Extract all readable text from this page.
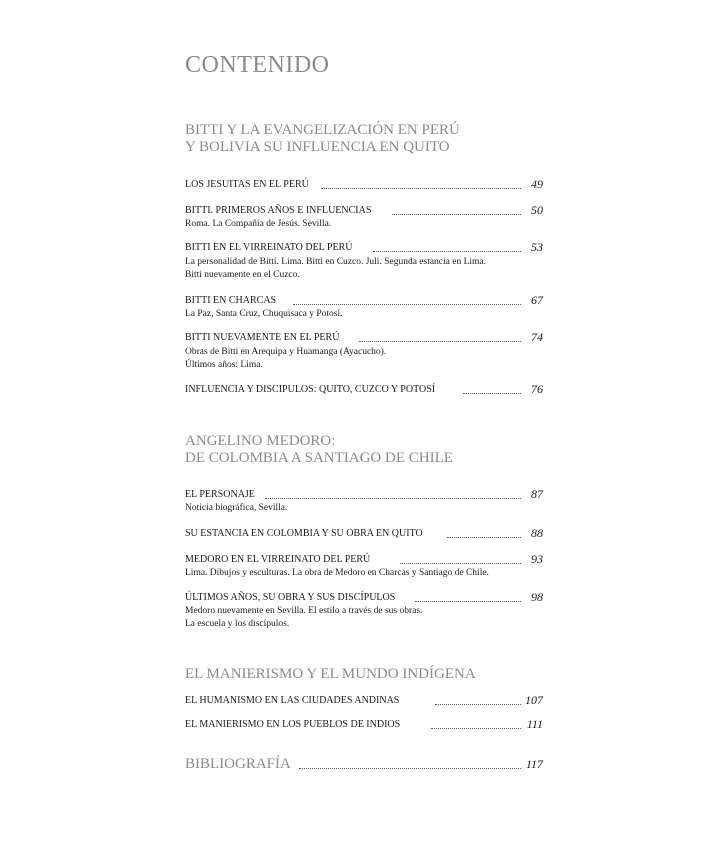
CONTENIDO
BITTI Y LA EVANGELIZACIÓN EN PERÚ
Y BOLIVIA SU INFLUENCIA EN QUITO
LOS JESUITAS EN EL PERÚ	49
BITTI. PRIMEROS AÑOS E INFLUENCIAS	50
Roma. La Compañía de Jesús. Sevilla.
BITTI EN EL VIRREINATO DEL PERÚ	53
La personalidad de Bitti. Lima. Bitti en Cuzco. Juli. Segunda estancia en Lima.
Bitti nuevamente en el Cuzco.
BITTI EN CHARCAS	67
La Paz, Santa Cruz, Chuquisaca y Potosí.
BITTI NUEVAMENTE EN EL PERÚ	74
Obras de Bitti en Arequipa y Huamanga (Ayacucho).
Últimos años: Lima.
INFLUENCIA Y DISCIPULOS: QUITO, CUZCO Y POTOSÍ	76
ANGELINO MEDORO:
DE COLOMBIA A SANTIAGO DE CHILE
EL PERSONAJE	87
Noticia biográfica, Sevilla.
SU ESTANCIA EN COLOMBIA Y SU OBRA EN QUITO	88
MEDORO EN EL VIRREINATO DEL PERÚ	93
Lima. Dibujos y esculturas. La obra de Medoro en Charcas y Santiago de Chile.
ÚLTIMOS AÑOS, SU OBRA Y SUS DISCÍPULOS	98
Medoro nuevamente en Sevilla. El estilo a través de sus obras.
La escuela y los discípulos.
EL MANIERISMO Y EL MUNDO INDÍGENA
EL HUMANISMO EN LAS CIUDADES ANDINAS	107
EL MANIERISMO EN LOS PUEBLOS DE INDIOS	111
BIBLIOGRAFÍA	117
